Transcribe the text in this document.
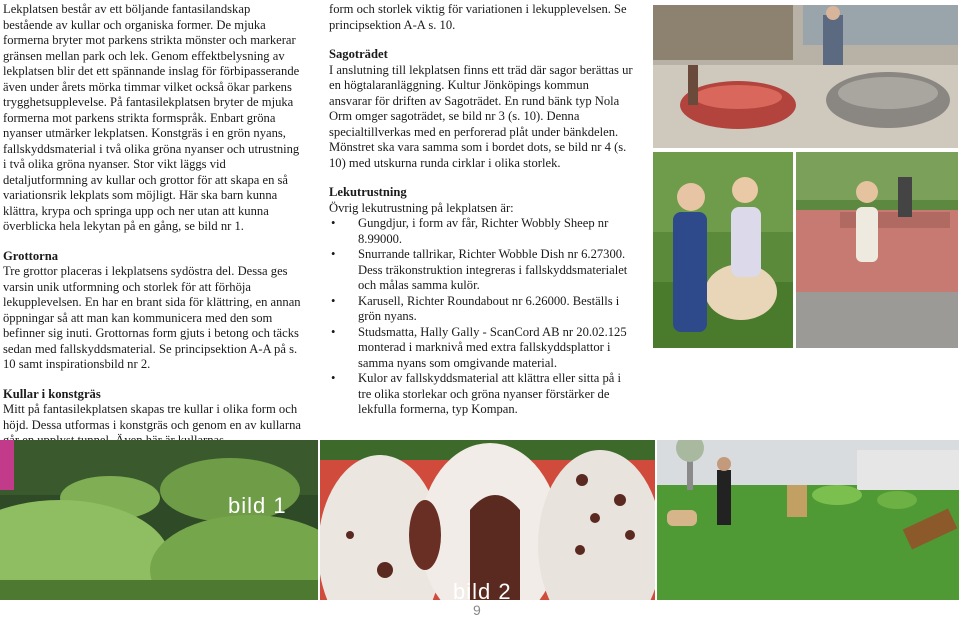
Lekplatsen består av ett böljande fantasilandskap bestående av kullar och organiska former. De mjuka formerna bryter mot parkens strikta mönster och markerar gränsen mellan park och lek. Genom effektbelysning av lekplatsen blir det ett spännande inslag för förbipasserande även under årets mörka timmar vilket också ökar parkens trygghetsupplevelse. På fantasilekplatsen bryter de mjuka formerna mot parkens strikta formspråk. Enbart gröna nyanser utmärker lekplatsen. Konstgräs i en grön nyans, fallskyddsmaterial i två olika gröna nyanser och utrustning i två olika gröna nyanser. Stor vikt läggs vid detaljutformning av kullar och grottor för att skapa en så variationsrik lekplats som möjligt. Här ska barn kunna klättra, krypa och springa upp och ner utan att kunna överblicka hela lekytan på en gång, se bild nr 1.

Grottorna

Tre grottor placeras i lekplatsens sydöstra del. Dessa ges varsin unik utformning och storlek för att förhöja lekupplevelsen. En har en brant sida för klättring, en annan öppningar så att man kan kommunicera med den som befinner sig inuti. Grottornas form gjuts i betong och täcks sedan med fallskyddsmaterial. Se principsektion A-A på s. 10 samt inspirationsbild nr 2.

Kullar i konstgräs

Mitt på fantasilekplatsen skapas tre kullar i olika form och höjd. Dessa utformas i konstgräs och genom en av kullarna

form och storlek viktig för variationen i lekupplevelsen. Se principsektion A-A s. 10.

Sagoträdet

I anslutning till lekplatsen finns ett träd där sagor berättas ur en högtalaranläggning. Kultur Jönköpings kommun ansvarar för driften av Sagoträdet. En rund bänk typ Nola Orm omger sagoträdet, se bild nr 3 (s. 10). Denna specialtillverkas med en perforerad plåt under bänkdelen. Mönstret ska vara samma som i bordet dots, se bild nr 4 (s. 10) med utskurna runda cirklar i olika storlek.

Lekutrustning

Övrig lekutrustning på lekplatsen är:

• Gungdjur, i form av får, Richter Wobbly Sheep nr 8.99000.
• Snurrande tallrikar, Richter Wobble Dish nr 6.27300. Dess träkonstruktion integreras i fallskyddsmaterialet och målas samma kulör.
• Karusell, Richter Roundabout nr 6.26000. Beställs i grön nyans.
• Studsmatta, Hally Gally - ScanCord AB nr 20.02.125 monterad i marknivå med extra fallskyddsplattor i samma nyans som omgivande material.
• Kulor av fallskyddsmaterial att klättra eller sitta på i tre olika storlekar och gröna nyanser förstärker de lekfulla formerna, typ Kompan.
bild 1
bild 2
9
